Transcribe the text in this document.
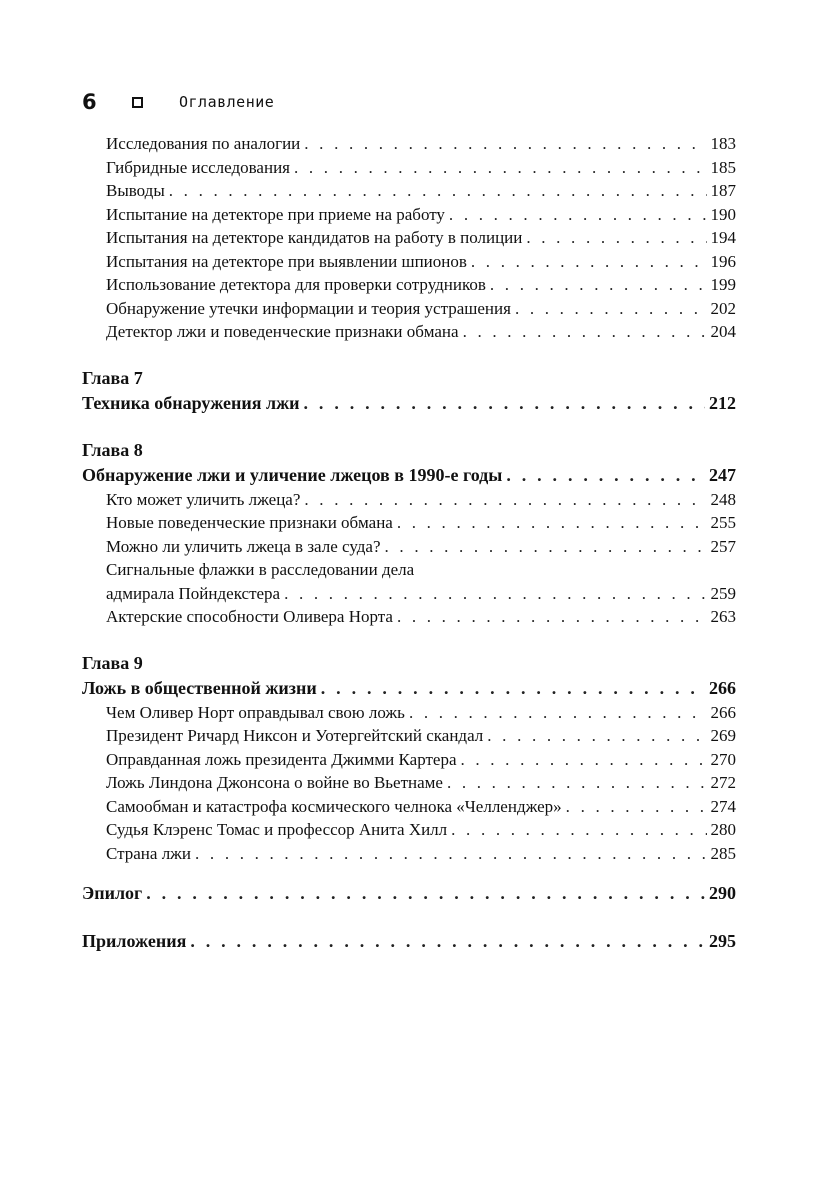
6	Оглавление
Исследования по аналогии . . .	183
Гибридные исследования . . .	185
Выводы . . .	187
Испытание на детекторе при приеме на работу . . .	190
Испытания на детекторе кандидатов на работу в полиции . . .	194
Испытания на детекторе при выявлении шпионов . . .	196
Использование детектора для проверки сотрудников . . .	199
Обнаружение утечки информации и теория устрашения . . .	202
Детектор лжи и поведенческие признаки обмана . . .	204
Глава 7
Техника обнаружения лжи . . .	212
Глава 8
Обнаружение лжи и уличение лжецов в 1990-е годы . . .	247
Кто может уличить лжеца? . . .	248
Новые поведенческие признаки обмана . . .	255
Можно ли уличить лжеца в зале суда? . . .	257
Сигнальные флажки в расследовании дела
адмирала Пойндекстера . . .	259
Актерские способности Оливера Норта . . .	263
Глава 9
Ложь в общественной жизни . . .	266
Чем Оливер Норт оправдывал свою ложь . . .	266
Президент Ричард Никсон и Уотергейтский скандал . . .	269
Оправданная ложь президента Джимми Картера . . .	270
Ложь Линдона Джонсона о войне во Вьетнаме . . .	272
Самообман и катастрофа космического челнока «Челленджер» . . .	274
Судья Клэренс Томас и профессор Анита Хилл . . .	280
Страна лжи . . .	285
Эпилог . . .	290
Приложения . . .	295
